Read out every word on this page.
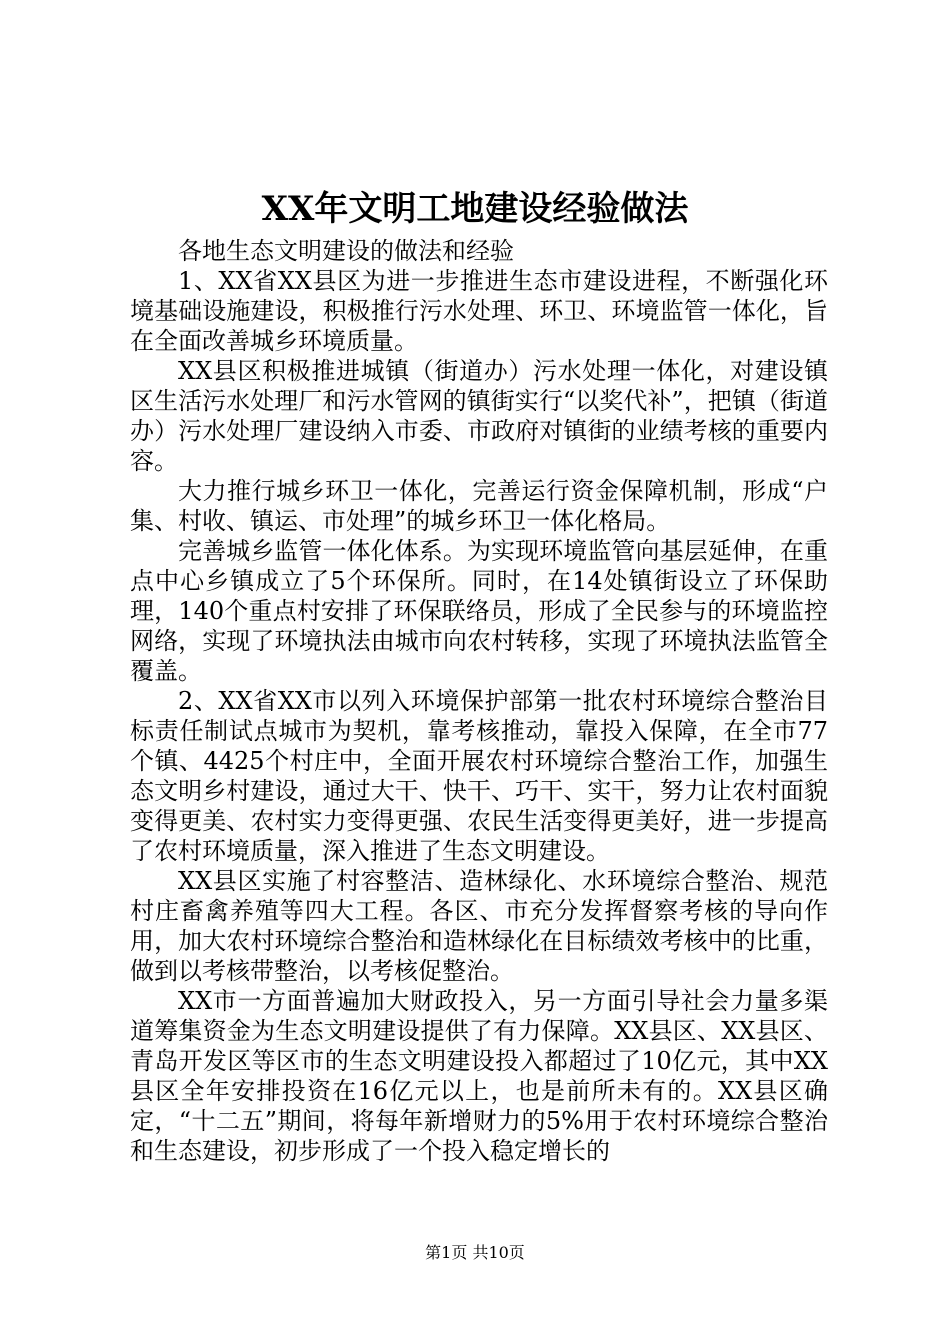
XX年文明工地建设经验做法

各地生态文明建设的做法和经验

1、XX省XX县区为进一步推进生态市建设进程，不断强化环境基础设施建设，积极推行污水处理、环卫、环境监管一体化，旨在全面改善城乡环境质量。

XX县区积极推进城镇（街道办）污水处理一体化，对建设镇区生活污水处理厂和污水管网的镇街实行“以奖代补”，把镇（街道办）污水处理厂建设纳入市委、市政府对镇街的业绩考核的重要内容。

大力推行城乡环卫一体化，完善运行资金保障机制，形成“户集、村收、镇运、市处理”的城乡环卫一体化格局。

完善城乡监管一体化体系。为实现环境监管向基层延伸，在重点中心乡镇成立了5个环保所。同时，在14处镇街设立了环保助理，140个重点村安排了环保联络员，形成了全民参与的环境监控网络，实现了环境执法由城市向农村转移，实现了环境执法监管全覆盖。

2、XX省XX市以列入环境保护部第一批农村环境综合整治目标责任制试点城市为契机，靠考核推动，靠投入保障，在全市77个镇、4425个村庄中，全面开展农村环境综合整治工作，加强生态文明乡村建设，通过大干、快干、巧干、实干，努力让农村面貌变得更美、农村实力变得更强、农民生活变得更美好，进一步提高了农村环境质量，深入推进了生态文明建设。

XX县区实施了村容整洁、造林绿化、水环境综合整治、规范村庄畜禽养殖等四大工程。各区、市充分发挥督察考核的导向作用，加大农村环境综合整治和造林绿化在目标绩效考核中的比重，做到以考核带整治，以考核促整治。

XX市一方面普遍加大财政投入，另一方面引导社会力量多渠道筹集资金为生态文明建设提供了有力保障。XX县区、XX县区、青岛开发区等区市的生态文明建设投入都超过了10亿元，其中XX县区全年安排投资在16亿元以上，也是前所未有的。XX县区确定，“十二五”期间，将每年新增财力的5%用于农村环境综合整治和生态建设，初步形成了一个投入稳定增长的

第1页 共10页
